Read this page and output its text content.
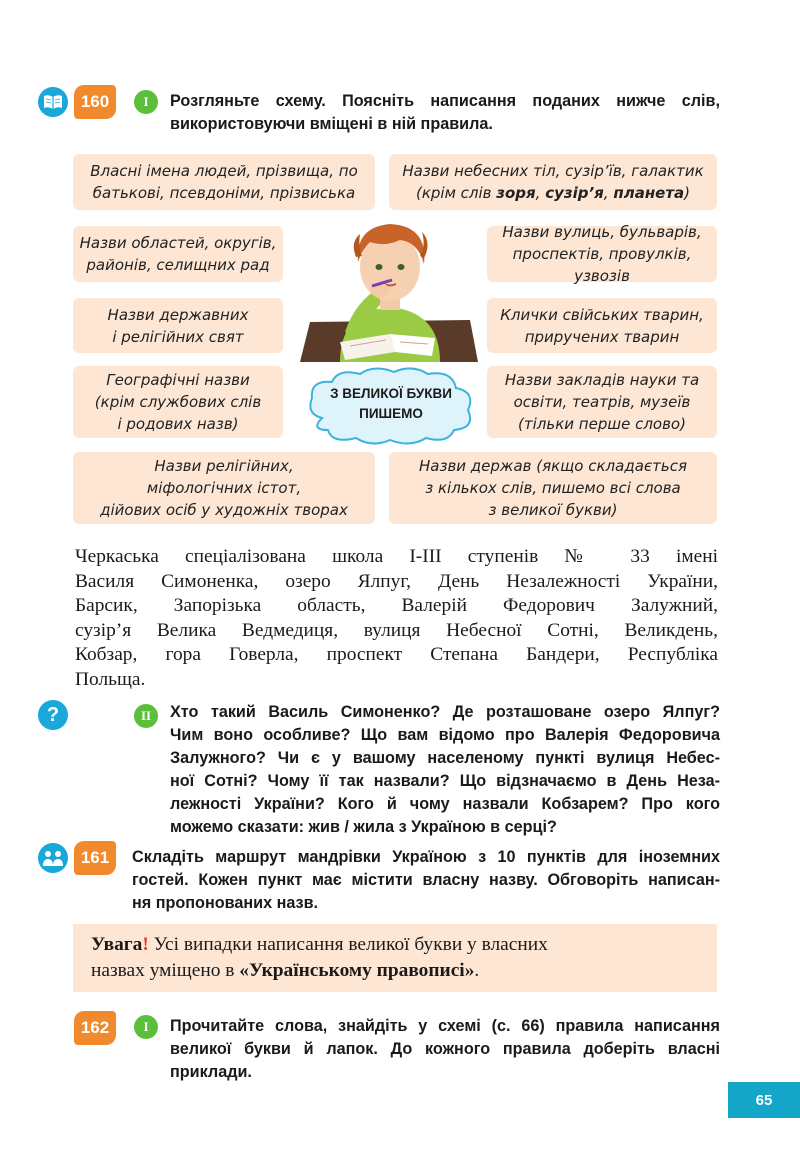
160	I	Розгляньте схему. Поясніть написання поданих нижче слів,
використовуючи вміщені в ній правила.
Власні імена людей, прізвища, по
батькові, псевдоніми, прізвиська
Назви небесних тіл, сузір’їв, галактик
(крім слів зоря, сузір’я, планета)
Назви областей, округів,
районів, селищних рад
Назви вулиць, бульварів,
проспектів, провулків, узвозів
Назви державних
і релігійних свят
Клички свійських тварин,
приручених тварин
Географічні назви
(крім службових слів
і родових назв)
Назви закладів науки та
освіти, театрів, музеїв
(тільки перше слово)
Назви релігійних,
міфологічних істот,
дійових осіб у художніх творах
Назви держав (якщо складається
з кількох слів, пишемо всі слова
з великої букви)
З ВЕЛИКОЇ БУКВИ
ПИШЕМО
Черкаська спеціалізована школа І-ІІІ ступенів № 33 імені
Василя Симоненка, озеро Ялпуг, День Незалежності України,
Барсик, Запорізька область, Валерій Федорович Залужний,
сузір’я Велика Ведмедиця, вулиця Небесної Сотні, Великдень,
Кобзар, гора Говерла, проспект Степана Бандери, Республіка
Польща.
?	II	Хто такий Василь Симоненко? Де розташоване озеро Ялпуг?
Чим воно особливе? Що вам відомо про Валерія Федоровича
Залужного? Чи є у вашому населеному пункті вулиця Небес-
ної Сотні? Чому її так назвали? Що відзначаємо в День Неза-
лежності України? Кого й чому назвали Кобзарем? Про кого
можемо сказати: жив / жила з Україною в серці?
161	Складіть маршрут мандрівки Україною з 10 пунктів для іноземних
гостей. Кожен пункт має містити власну назву. Обговоріть написан-
ня пропонованих назв.
Увага! Усі випадки написання великої букви у власних
назвах уміщено в «Українському правописі».
162	I	Прочитайте слова, знайдіть у схемі (с. 66) правила написання
великої букви й лапок. До кожного правила доберіть власні
приклади.
65
